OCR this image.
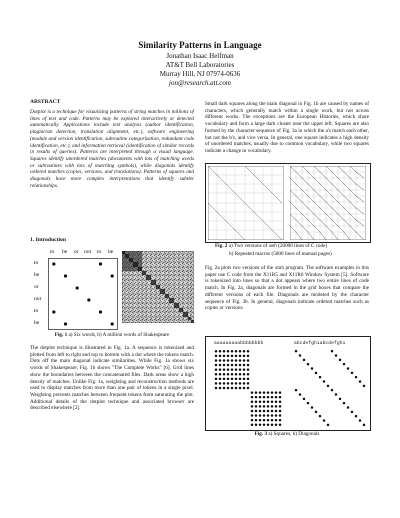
Similarity Patterns in Language
Jonathan Isaac Helfman
AT&T Bell Laboratories
Murray Hill, NJ 07974-0636
jon@research.att.com
ABSTRACT
Dotplot is a technique for visualizing patterns of string matches in millions of lines of text and code. Patterns may be explored interactively or detected automatically. Applications include text analysis (author identification, plagiarism detection, translation alignment, etc.), software engineering (module and version identification, subroutine categorization, redundant code identification, etc.), and information retrieval (identification of similar records in results of queries). Patterns are interpreted through a visual language. Squares identify unordered matches (documents with lots of matching words or subroutines with lots of matching symbols), while diagonals identify ordered matches (copies, versions, and translations). Patterns of squares and diagonals have more complex interpretations that identify subtler relationships.
1. Introduction
to be or not to be
to
be
or
not
to
be
Fig. 1 a) Six words, b) A million words of Shakespeare
The dotplot technique is illustrated in Fig. 1a. A sequence is tokenized and plotted from left to right and top to bottom with a dot where the tokens match. Dots off the main diagonal indicate similarities. While Fig. 1a shows six words of Shakespeare, Fig. 1b shows "The Complete Works" [6]. Grid lines show the boundaries between the concatenated files. Dark areas show a high density of matches. Unlike Fig. 1a, weighting and reconstruction methods are used to display matches from more than one pair of tokens in a single pixel. Weighting prevents matches between frequent tokens from saturating the plot. Additional details of the dotplot technique and associated browser are described elsewhere [2].
Small dark squares along the main diagonal in Fig. 1b are caused by names of characters, which generally match within a single work, but not across different works. The exceptions are the European Histories, which share vocabulary and form a large dark cluster near the upper left. Squares are also formed by the character sequence of Fig. 3a in which the a's match each other, but not the b's, and vice versa. In general, one square indicates a high density of unordered matches, usually due to common vocabulary, while two squares indicate a change in vocabulary.
Fig. 2 a) Two versions of xmh (20000 lines of C code)
b) Repeated macros (5000 lines of manual pages)
Fig. 2a plots two versions of the xmh program. The software examples in this paper use C code from the X11R5 and X11R6 Window System [5]. Software is tokenized into lines so that a dot appears where two entire lines of code match. In Fig. 2a, diagonals are formed in the grid boxes that compare the different versions of each file. Diagonals are modeled by the character sequence of Fig. 3b. In general, diagonals indicate ordered matches such as copies or versions.
aaaaaaaaabbbbbbbb	abcdefghiabcdefghi
Fig. 3 a) Squares, b) Diagonals
